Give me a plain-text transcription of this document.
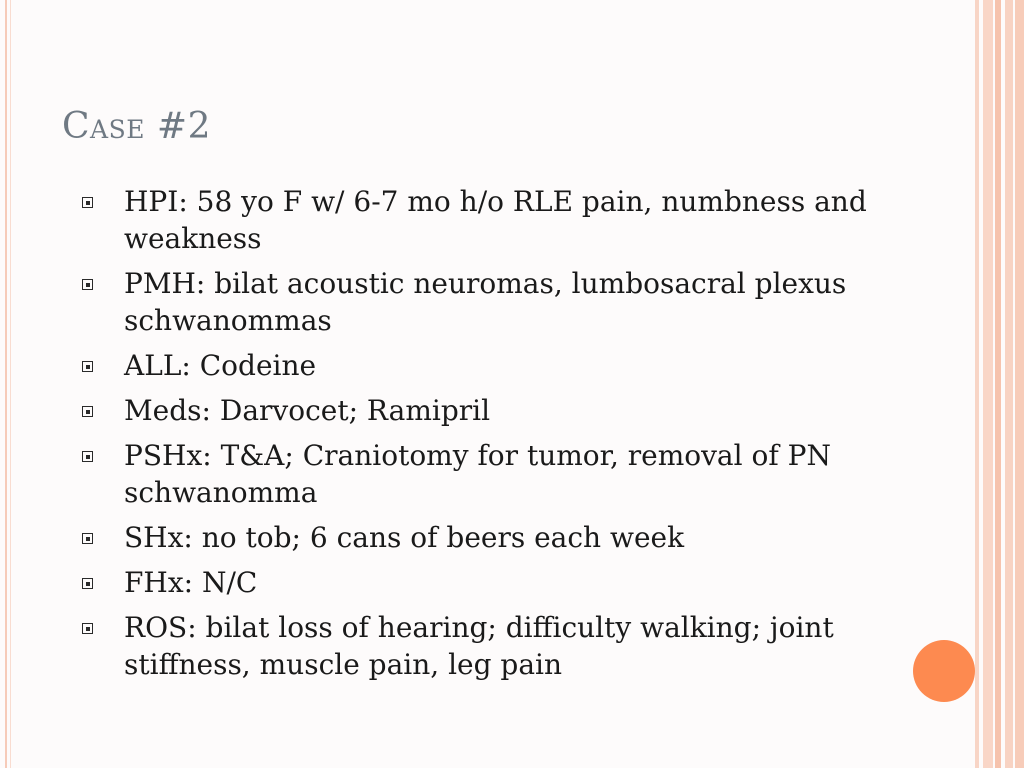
Case #2
HPI: 58 yo F w/ 6-7 mo h/o RLE pain, numbness and weakness
PMH: bilat acoustic neuromas, lumbosacral plexus schwanommas
ALL: Codeine
Meds: Darvocet; Ramipril
PSHx: T&A; Craniotomy for tumor, removal of PN schwanomma
SHx: no tob; 6 cans of beers each week
FHx: N/C
ROS: bilat loss of hearing; difficulty walking; joint stiffness, muscle pain, leg pain
